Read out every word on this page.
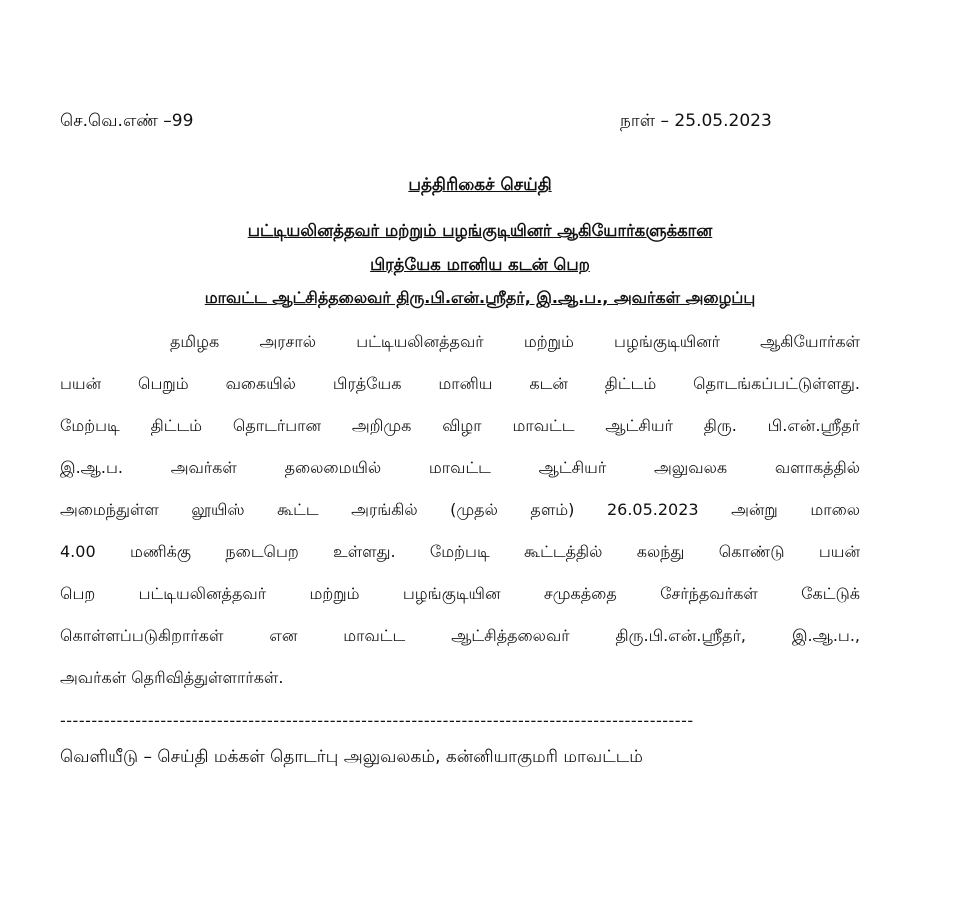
செ.வெ.எண் –99	நாள் – 25.05.2023
பத்திரிகைச் செய்தி
பட்டியலினத்தவர் மற்றும் பழங்குடியினர் ஆகியோர்களுக்கான
பிரத்யேக மானிய கடன் பெற
மாவட்ட ஆட்சித்தலைவர் திரு.பி.என்.ஸ்ரீதர், இ.ஆ.ப., அவர்கள் அழைப்பு
தமிழக அரசால் பட்டியலினத்தவர் மற்றும் பழங்குடியினர் ஆகியோர்கள்
பயன் பெறும் வகையில் பிரத்யேக மானிய கடன் திட்டம் தொடங்கப்பட்டுள்ளது.
மேற்படி திட்டம் தொடர்பான அறிமுக விழா மாவட்ட ஆட்சியர் திரு. பி.என்.ஸ்ரீதர்
இ.ஆ.ப. அவர்கள் தலைமையில் மாவட்ட ஆட்சியர் அலுவலக வளாகத்தில்
அமைந்துள்ள லூயிஸ் கூட்ட அரங்கில் (முதல் தளம்) 26.05.2023 அன்று மாலை
4.00 மணிக்கு நடைபெற உள்ளது. மேற்படி கூட்டத்தில் கலந்து கொண்டு பயன்
பெற பட்டியலினத்தவர் மற்றும் பழங்குடியின சமுகத்தை சேர்ந்தவர்கள் கேட்டுக்
கொள்ளப்படுகிறார்கள் என மாவட்ட ஆட்சித்தலைவர் திரு.பி.என்.ஸ்ரீதர், இ.ஆ.ப.,
அவர்கள் தெரிவித்துள்ளார்கள்.
-----------------------------------------------------------------------------------------------------
வெளியீடு – செய்தி மக்கள் தொடர்பு அலுவலகம், கன்னியாகுமரி மாவட்டம்
